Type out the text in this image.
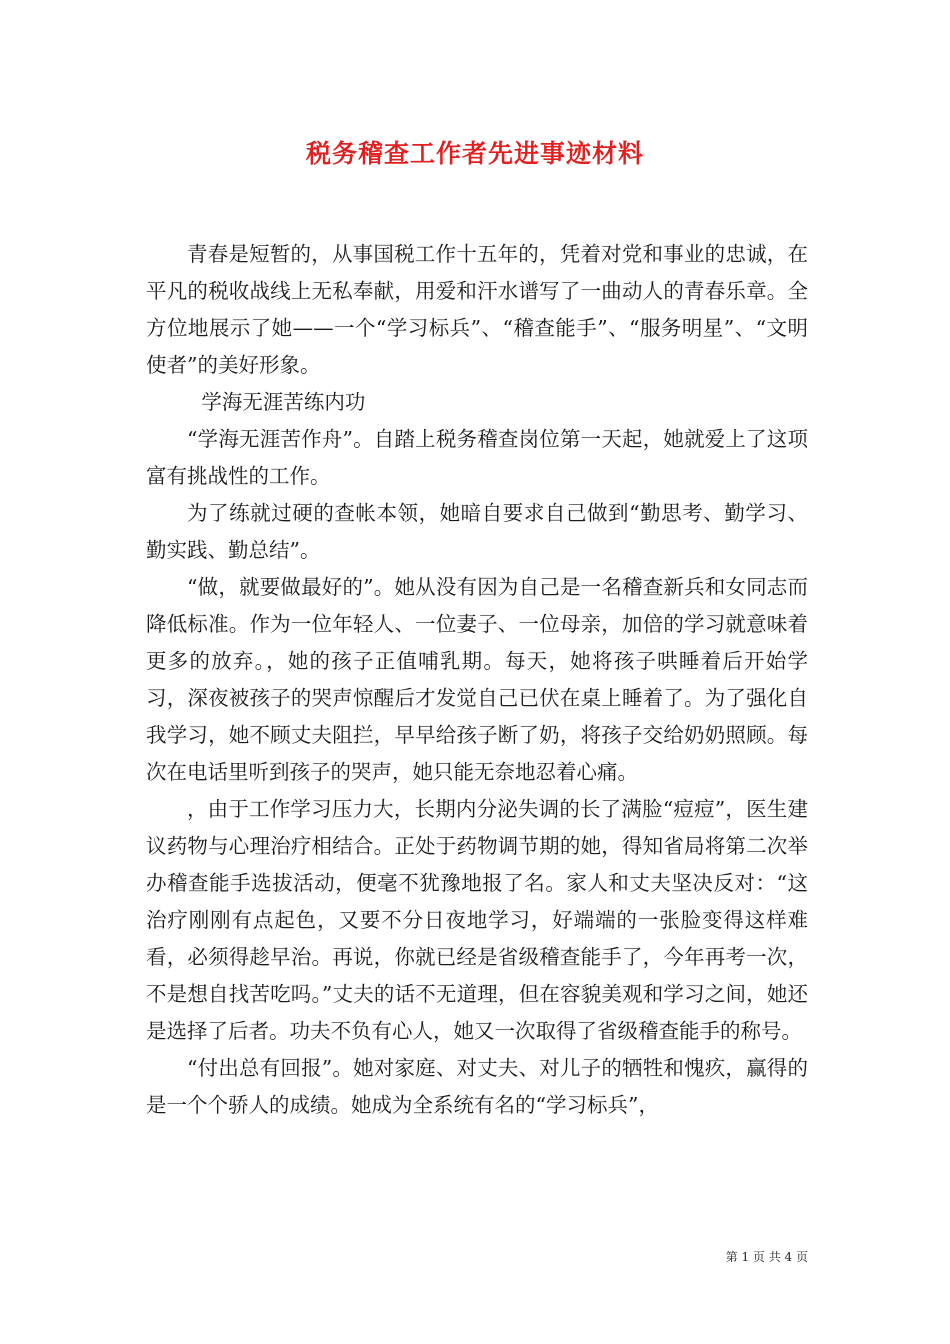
税务稽查工作者先进事迹材料

青春是短暂的，从事国税工作十五年的，凭着对党和事业的忠诚，在平凡的税收战线上无私奉献，用爱和汗水谱写了一曲动人的青春乐章。全方位地展示了她——一个“学习标兵”、“稽查能手”、“服务明星”、“文明使者”的美好形象。

学海无涯苦练内功

“学海无涯苦作舟”。自踏上税务稽查岗位第一天起，她就爱上了这项富有挑战性的工作。

为了练就过硬的查帐本领，她暗自要求自己做到“勤思考、勤学习、勤实践、勤总结”。

“做，就要做最好的”。她从没有因为自己是一名稽查新兵和女同志而降低标准。作为一位年轻人、一位妻子、一位母亲，加倍的学习就意味着更多的放弃。，她的孩子正值哺乳期。每天，她将孩子哄睡着后开始学习，深夜被孩子的哭声惊醒后才发觉自己已伏在桌上睡着了。为了强化自我学习，她不顾丈夫阻拦，早早给孩子断了奶，将孩子交给奶奶照顾。每次在电话里听到孩子的哭声，她只能无奈地忍着心痛。

，由于工作学习压力大，长期内分泌失调的长了满脸“痘痘”，医生建议药物与心理治疗相结合。正处于药物调节期的她，得知省局将第二次举办稽查能手选拔活动，便毫不犹豫地报了名。家人和丈夫坚决反对：“这治疗刚刚有点起色，又要不分日夜地学习，好端端的一张脸变得这样难看，必须得趁早治。再说，你就已经是省级稽查能手了，今年再考一次，不是想自找苦吃吗。”丈夫的话不无道理，但在容貌美观和学习之间，她还是选择了后者。功夫不负有心人，她又一次取得了省级稽查能手的称号。

“付出总有回报”。她对家庭、对丈夫、对儿子的牺牲和愧疚，赢得的是一个个骄人的成绩。她成为全系统有名的“学习标兵”，

第 1 页 共 4 页
